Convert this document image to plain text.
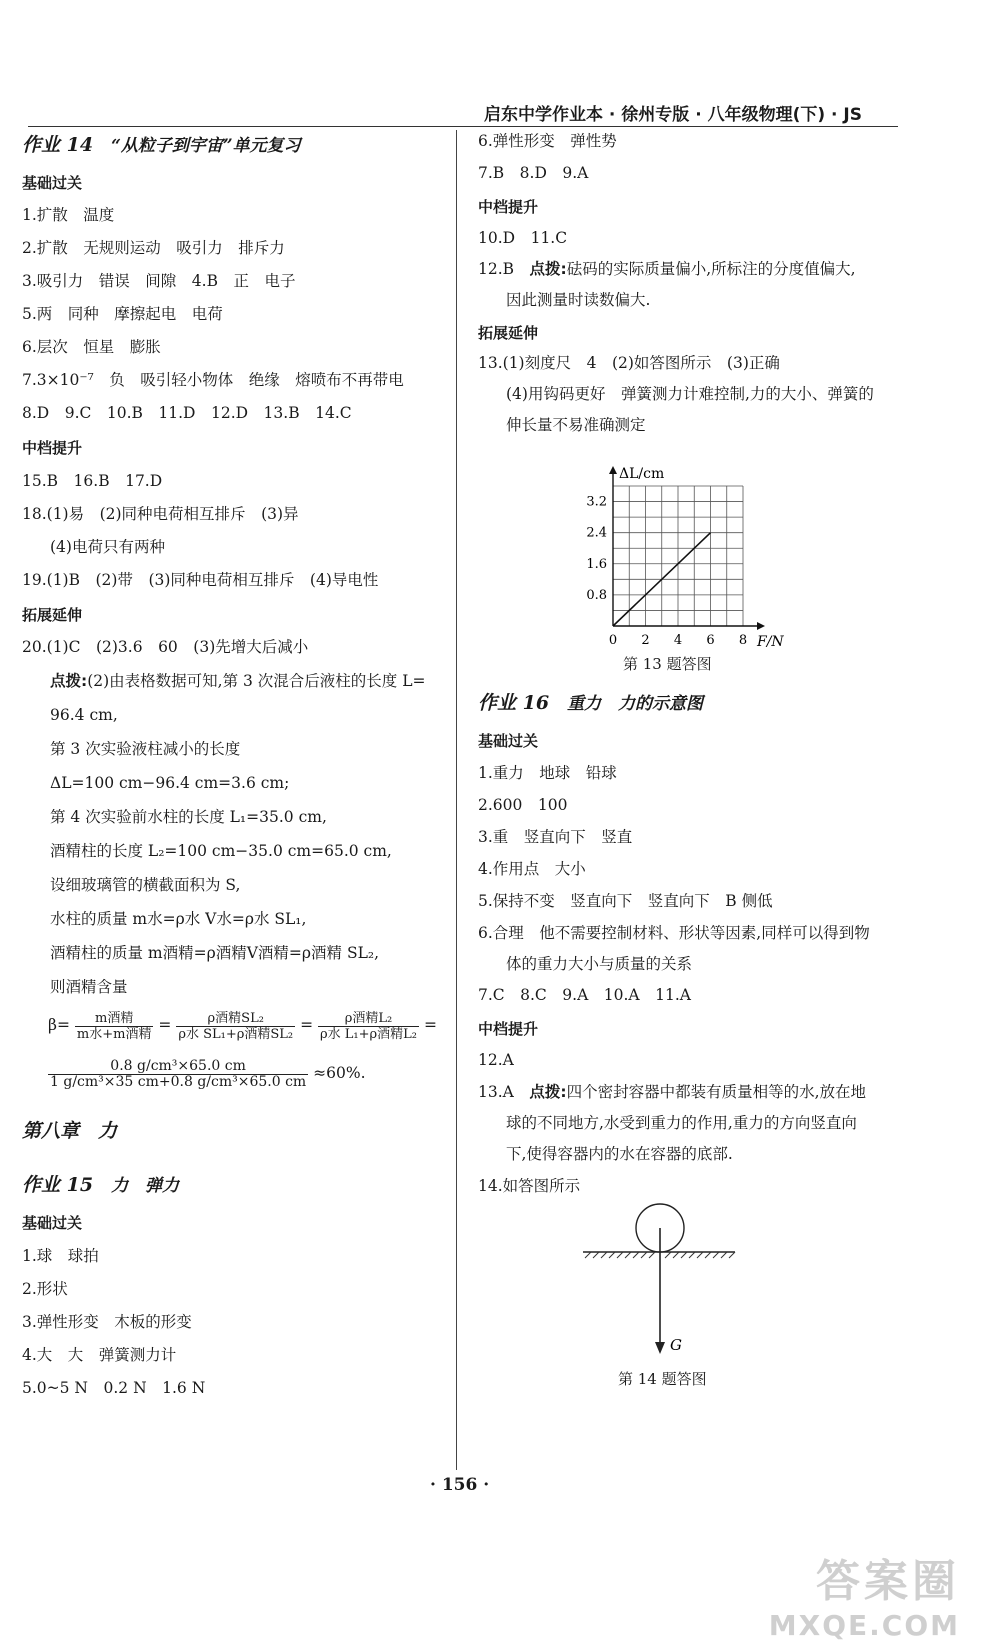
启东中学作业本 · 徐州专版 · 八年级物理(下) · JS
作业 14 “从粒子到宇宙”单元复习
基础过关
1.扩散　温度
2.扩散　无规则运动　吸引力　排斥力
3.吸引力　错误　间隙　4.B　正　电子
5.两　同种　摩擦起电　电荷
6.层次　恒星　膨胀
7.3×10⁻⁷　负　吸引轻小物体　绝缘　熔喷布不再带电
8.D　9.C　10.B　11.D　12.D　13.B　14.C
中档提升
15.B　16.B　17.D
18.(1)易　(2)同种电荷相互排斥　(3)异
(4)电荷只有两种
19.(1)B　(2)带　(3)同种电荷相互排斥　(4)导电性
拓展延伸
20.(1)C　(2)3.6　60　(3)先增大后减小
点拨:(2)由表格数据可知,第 3 次混合后液柱的长度 L=
96.4 cm,
第 3 次实验液柱减小的长度
ΔL=100 cm−96.4 cm=3.6 cm;
第 4 次实验前水柱的长度 L₁=35.0 cm,
酒精柱的长度 L₂=100 cm−35.0 cm=65.0 cm,
设细玻璃管的横截面积为 S,
水柱的质量 m水=ρ水 V水=ρ水 SL₁,
酒精柱的质量 m酒精=ρ酒精V酒精=ρ酒精 SL₂,
则酒精含量
$\beta= \frac{\text{m酒精}}{\text{m水+m酒精}} = \frac{\text{ρ酒精SL₂}}{\text{ρ水 SL₁+ρ酒精SL₂}} = \frac{\text{ρ酒精L₂}}{\text{ρ水 L₁+ρ酒精L₂}}$ =
$\frac{\text{0.8 g/cm³×65.0 cm}}{\text{1 g/cm³×35 cm+0.8 g/cm³×65.0 cm}} \approx 60\%$.
第八章　力
作业 15 力　弹力
基础过关
1.球　球拍
2.形状
3.弹性形变　木板的形变
4.大　大　弹簧测力计
5.0~5 N　0.2 N　1.6 N
6.弹性形变　弹性势
7.B　8.D　9.A
中档提升
10.D　11.C
12.B　点拨:砝码的实际质量偏小,所标注的分度值偏大,
因此测量时读数偏大.
拓展延伸
13.(1)刻度尺　4　(2)如答图所示　(3)正确
(4)用钩码更好　弹簧测力计难控制,力的大小、弹簧的
伸长量不易准确测定
0 2 4 6 8
0.8
1.6
2.4
3.2
F/N
ΔL/cm
第 13 题答图
作业 16 重力　力的示意图
基础过关
1.重力　地球　铅球
2.600　100
3.重　竖直向下　竖直
4.作用点　大小
5.保持不变　竖直向下　竖直向下　B 侧低
6.合理　他不需要控制材料、形状等因素,同样可以得到物
体的重力大小与质量的关系
7.C　8.C　9.A　10.A　11.A
中档提升
12.A
13.A　点拨:四个密封容器中都装有质量相等的水,放在地
球的不同地方,水受到重力的作用,重力的方向竖直向
下,使得容器内的水在容器的底部.
14.如答图所示
G
第 14 题答图
· 156 ·
答案圈
MXQE.COM
